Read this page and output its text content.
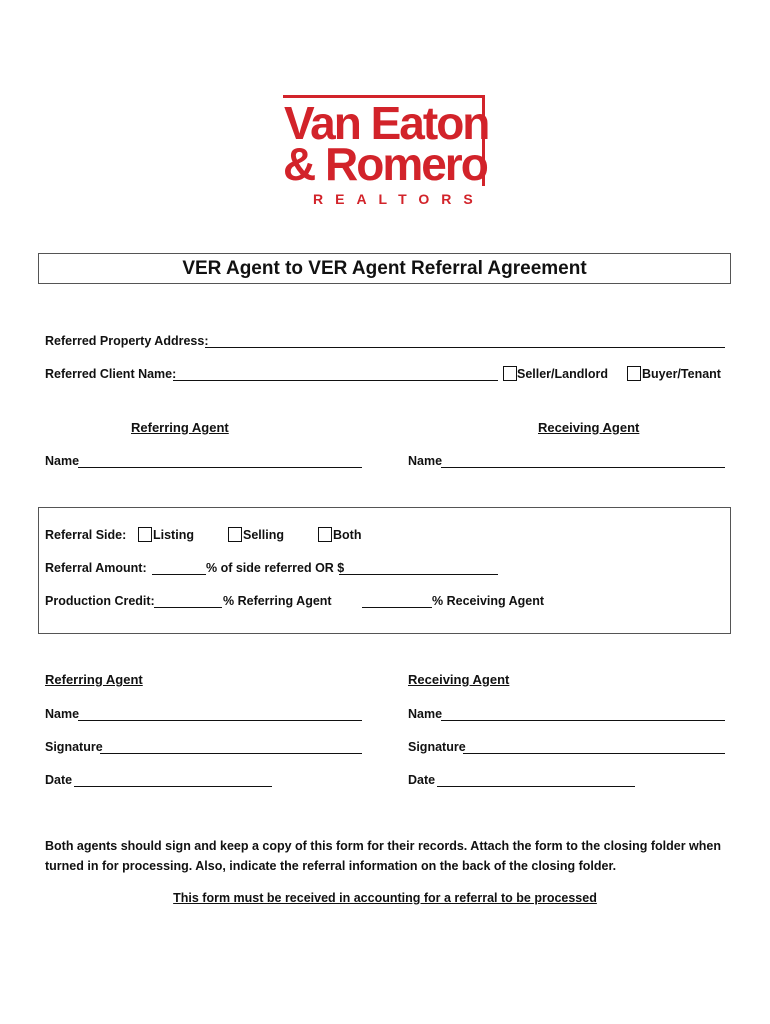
Van Eaton
& Romero
REALTORS
VER Agent to VER Agent Referral Agreement
Referred Property Address:
Referred Client Name:	Seller/Landlord	Buyer/Tenant
Referring Agent	Receiving Agent
Name	Name
Referral Side: Listing	Selling	Both
Referral Amount:	% of side referred OR $
Production Credit:	% Referring Agent	% Receiving Agent
Referring Agent	Receiving Agent
Name	Name
Signature	Signature
Date	Date
Both agents should sign and keep a copy of this form for their records. Attach the form to the closing folder when
turned in for processing. Also, indicate the referral information on the back of the closing folder.
This form must be received in accounting for a referral to be processed
